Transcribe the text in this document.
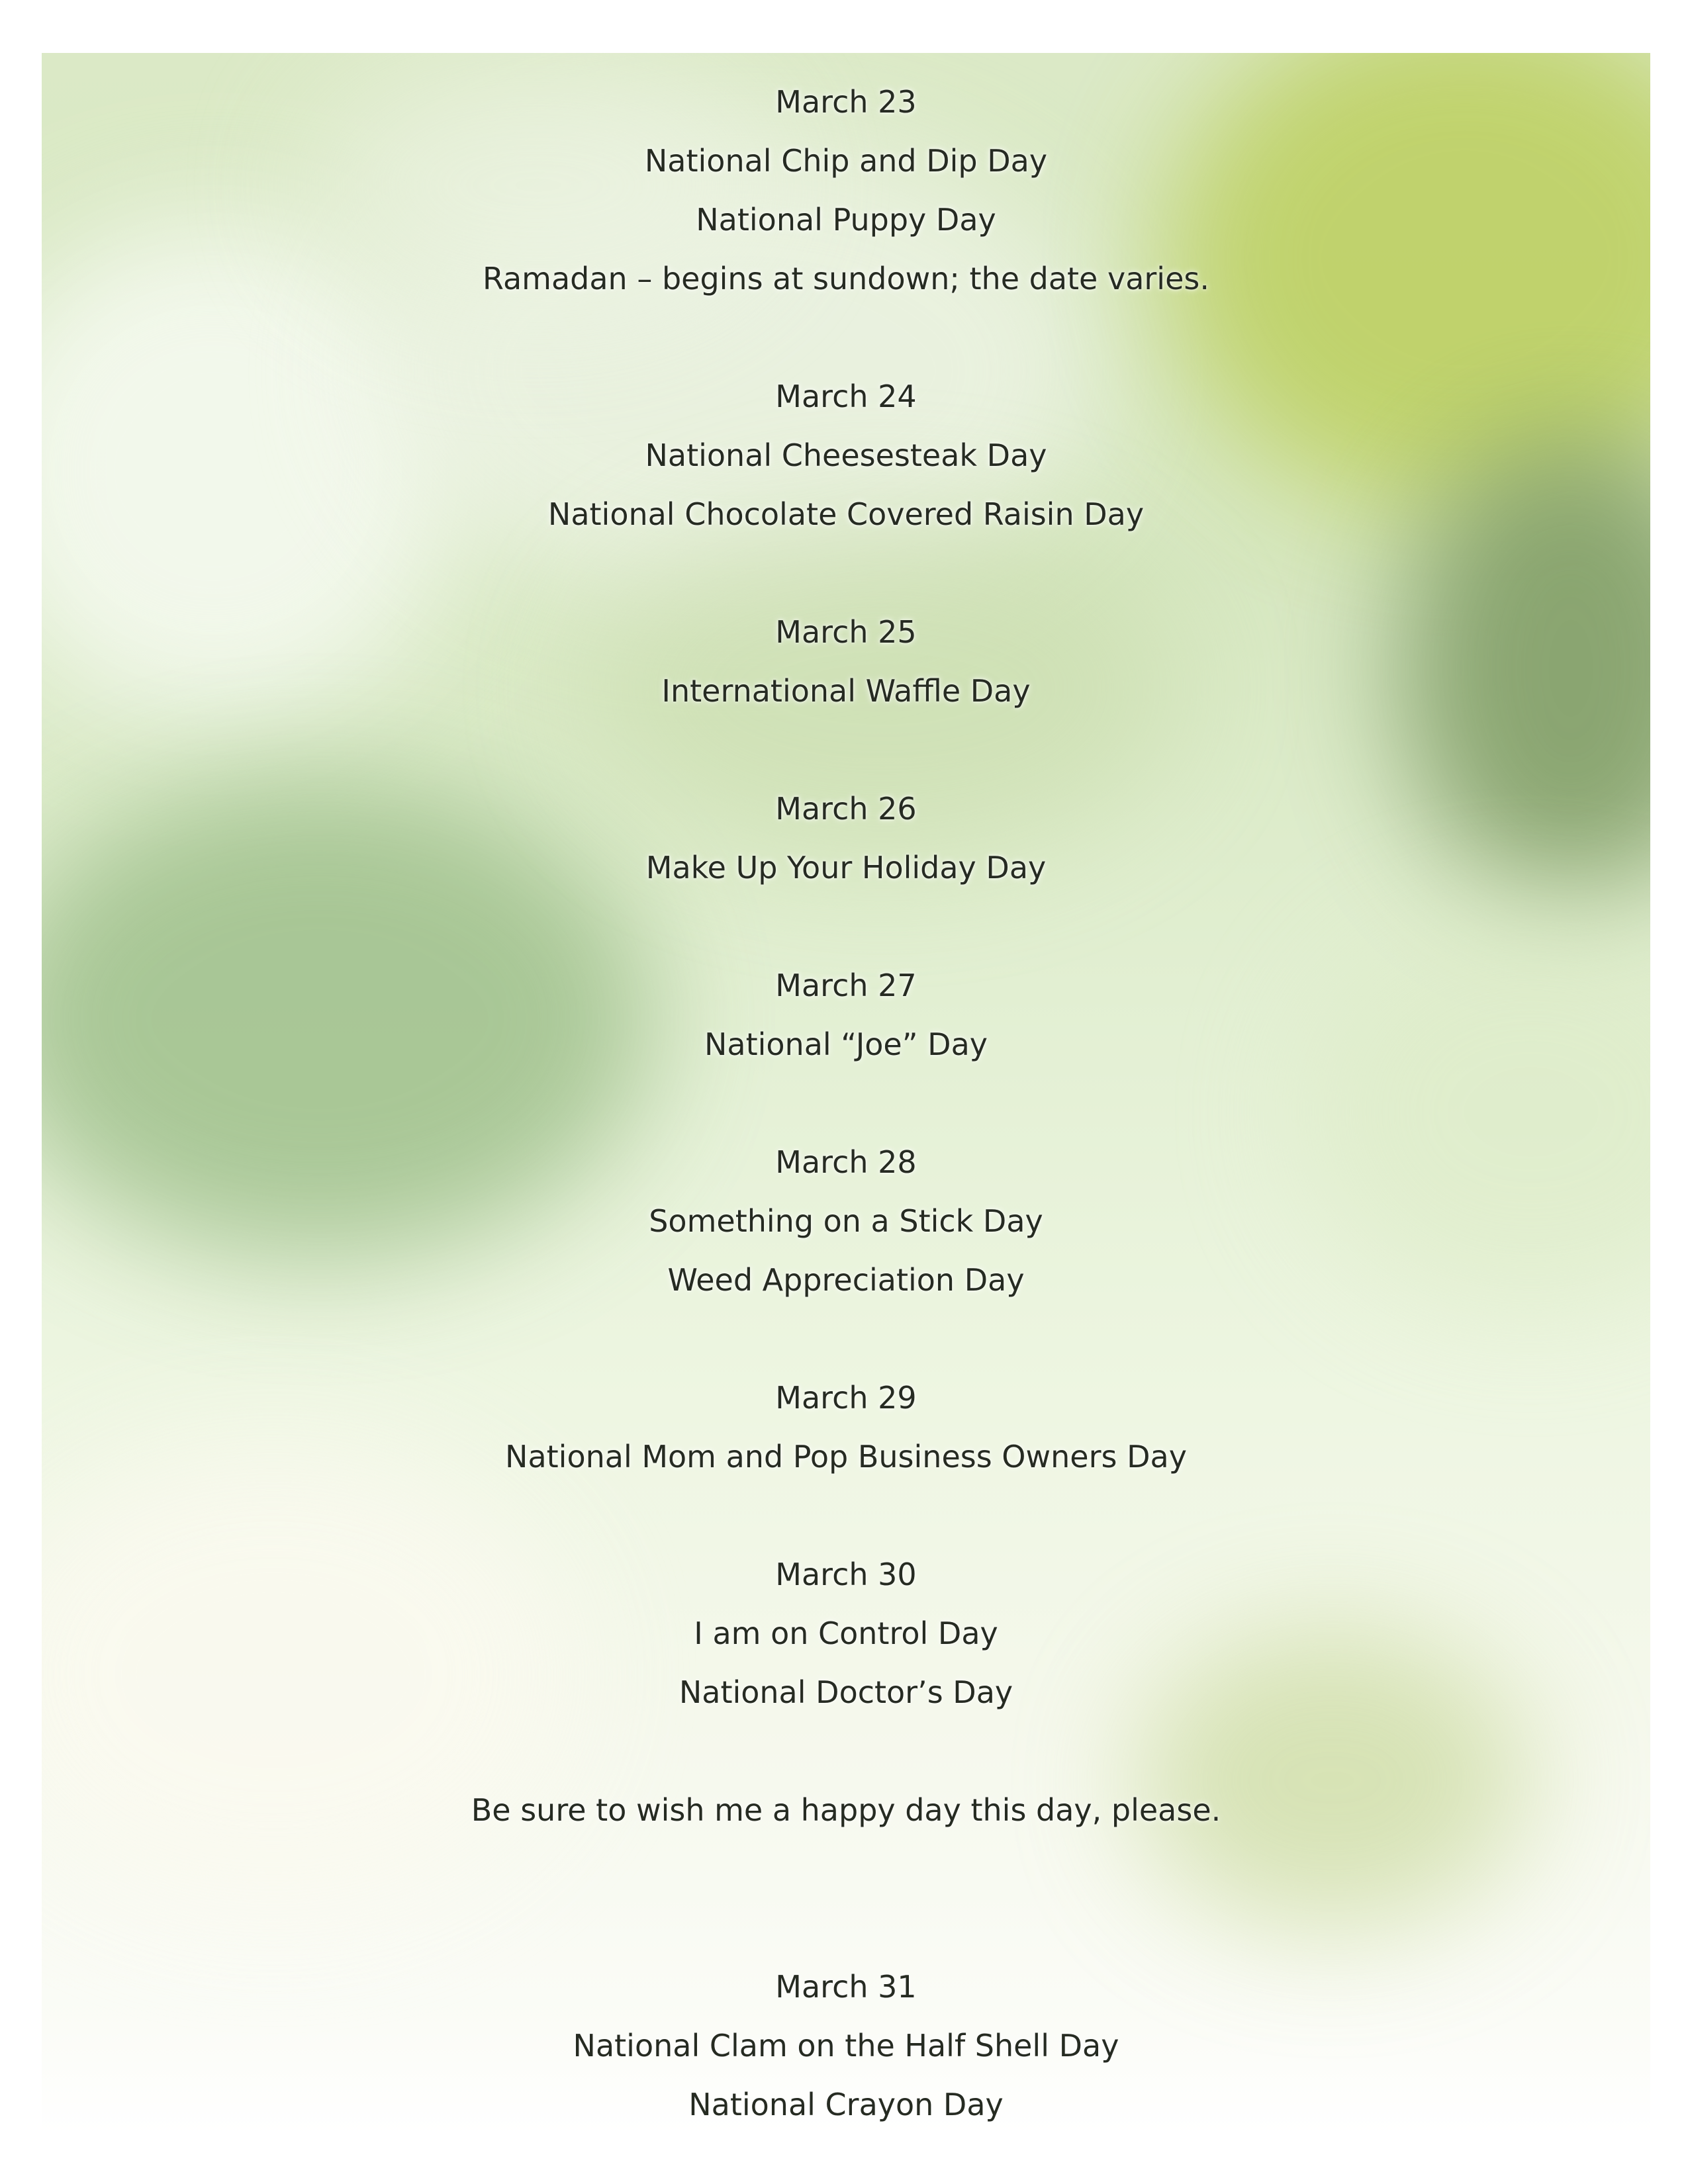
March 23
National Chip and Dip Day
National Puppy Day
Ramadan – begins at sundown; the date varies.
March 24
National Cheesesteak Day
National Chocolate Covered Raisin Day
March 25
International Waffle Day
March 26
Make Up Your Holiday Day
March 27
National “Joe” Day
March 28
Something on a Stick Day
Weed Appreciation Day
March 29
National Mom and Pop Business Owners Day
March 30
I am on Control Day
National Doctor’s Day
Be sure to wish me a happy day this day, please.
March 31
National Clam on the Half Shell Day
National Crayon Day
